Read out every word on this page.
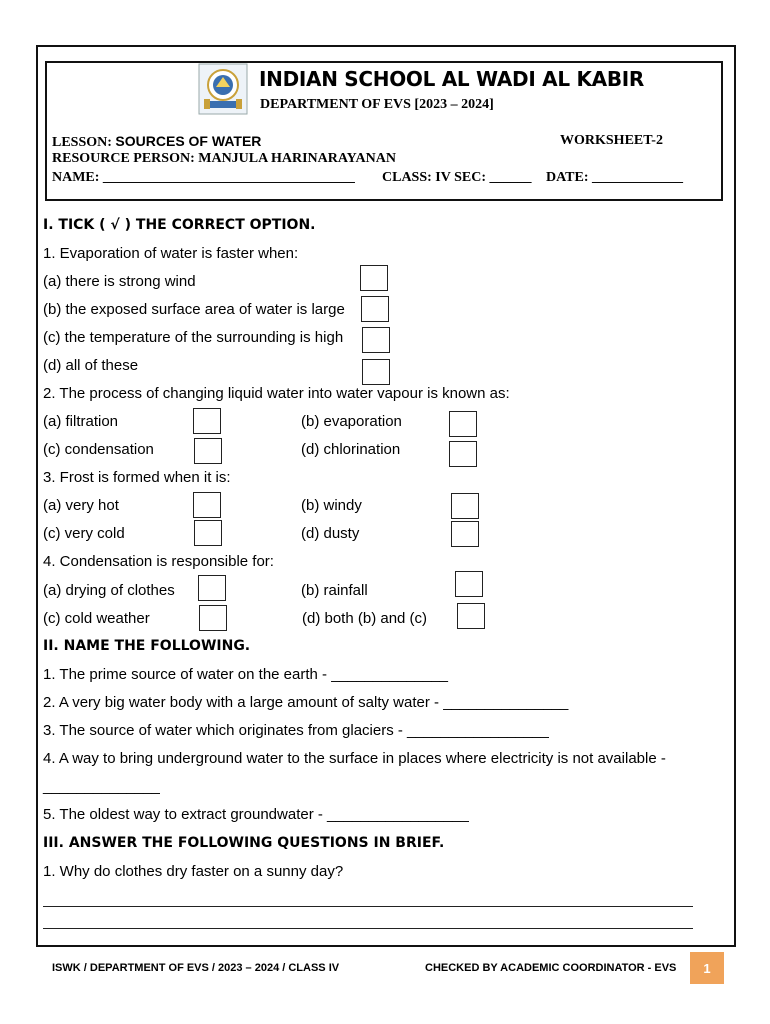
INDIAN SCHOOL AL WADI AL KABIR
DEPARTMENT OF EVS [2023 – 2024]
LESSON: SOURCES OF WATER	WORKSHEET-2
RESOURCE PERSON: MANJULA HARINARAYANAN
NAME: ____________________________________ CLASS: IV SEC: ______ DATE: _____________
I. TICK ( √ ) THE CORRECT OPTION.
1. Evaporation of water is faster when:
(a) there is strong wind
(b) the exposed surface area of water is large
(c) the temperature of the surrounding is high
(d) all of these
2. The process of changing liquid water into water vapour is known as:
(a) filtration	(b) evaporation
(c) condensation	(d) chlorination
3. Frost is formed when it is:
(a) very hot	(b) windy
(c) very cold	(d) dusty
4. Condensation is responsible for:
(a) drying of clothes	(b) rainfall
(c) cold weather	(d) both (b) and (c)
II. NAME THE FOLLOWING.
1. The prime source of water on the earth - ______________
2. A very big water body with a large amount of salty water - _______________
3. The source of water which originates from glaciers - _________________
4. A way to bring underground water to the surface in places where electricity is not available -
______________
5. The oldest way to extract groundwater - _________________
III. ANSWER THE FOLLOWING QUESTIONS IN BRIEF.
1. Why do clothes dry faster on a sunny day?
ISWK / DEPARTMENT OF EVS / 2023 – 2024 / CLASS IV	CHECKED BY ACADEMIC COORDINATOR - EVS	1
